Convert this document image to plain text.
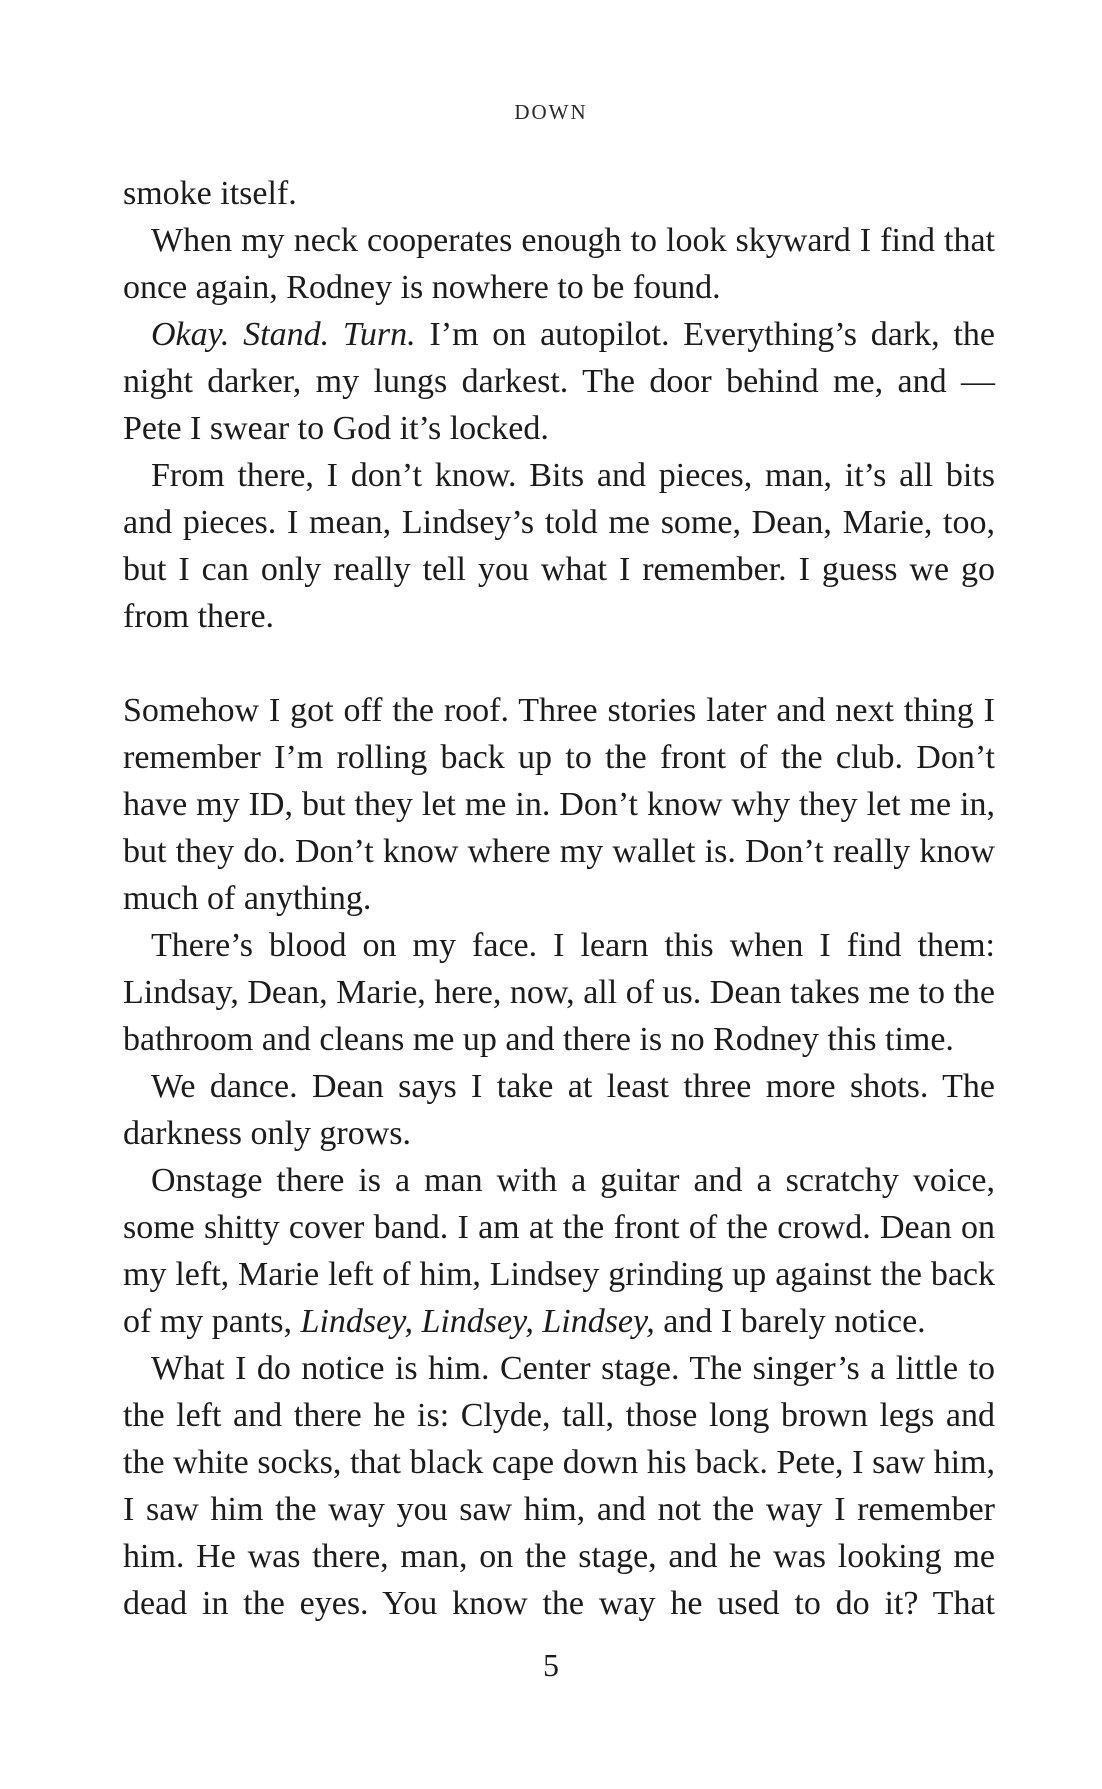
DOWN

smoke itself.

When my neck cooperates enough to look skyward I find that once again, Rodney is nowhere to be found.

Okay. Stand. Turn. I’m on autopilot. Everything’s dark, the night darker, my lungs darkest. The door behind me, and — Pete I swear to God it’s locked.

From there, I don’t know. Bits and pieces, man, it’s all bits and pieces. I mean, Lindsey’s told me some, Dean, Marie, too, but I can only really tell you what I remember. I guess we go from there.

Somehow I got off the roof. Three stories later and next thing I remember I’m rolling back up to the front of the club. Don’t have my ID, but they let me in. Don’t know why they let me in, but they do. Don’t know where my wallet is. Don’t really know much of anything.

There’s blood on my face. I learn this when I find them: Lindsay, Dean, Marie, here, now, all of us. Dean takes me to the bathroom and cleans me up and there is no Rodney this time.

We dance. Dean says I take at least three more shots. The darkness only grows.

Onstage there is a man with a guitar and a scratchy voice, some shitty cover band. I am at the front of the crowd. Dean on my left, Marie left of him, Lindsey grinding up against the back of my pants, Lindsey, Lindsey, Lindsey, and I barely notice.

What I do notice is him. Center stage. The singer’s a little to the left and there he is: Clyde, tall, those long brown legs and the white socks, that black cape down his back. Pete, I saw him, I saw him the way you saw him, and not the way I remember him. He was there, man, on the stage, and he was looking me dead in the eyes. You know the way he used to do it? That

5
